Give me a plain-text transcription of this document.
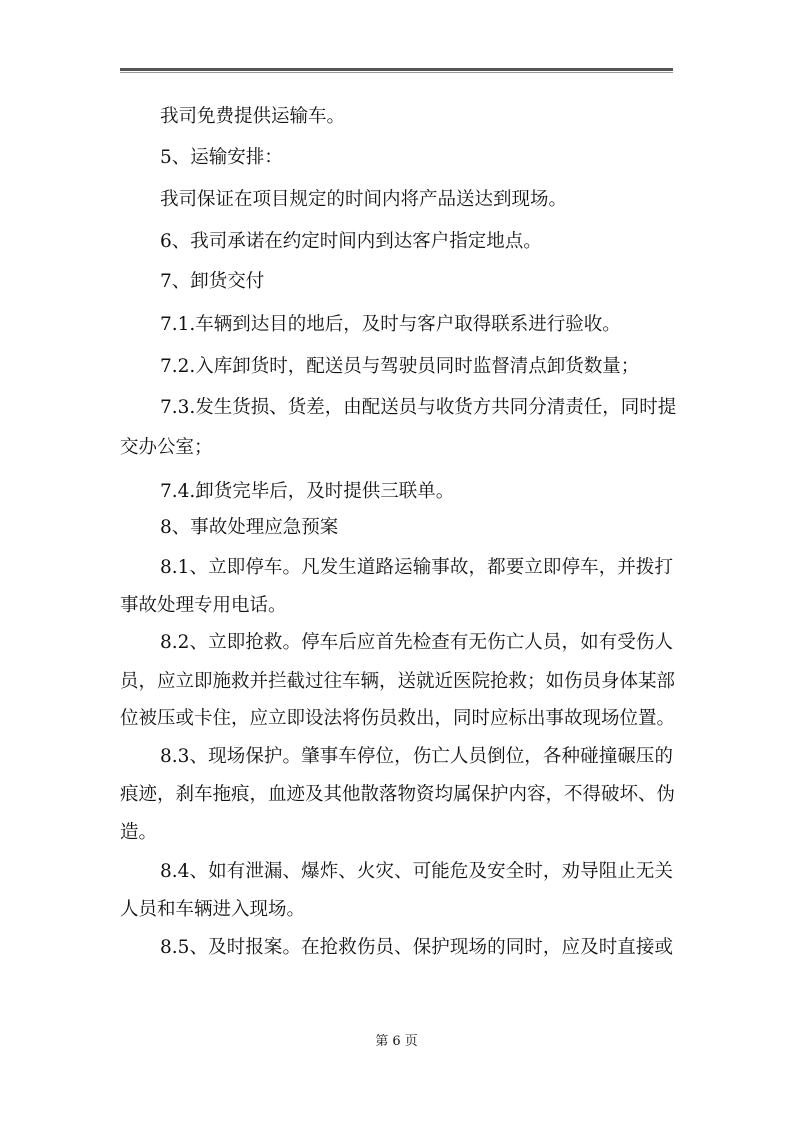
我司免费提供运输车。
5、运输安排：
我司保证在项目规定的时间内将产品送达到现场。
6、我司承诺在约定时间内到达客户指定地点。
7、卸货交付
7.1.车辆到达目的地后，及时与客户取得联系进行验收。
7.2.入库卸货时，配送员与驾驶员同时监督清点卸货数量；
7.3.发生货损、货差，由配送员与收货方共同分清责任，同时提
交办公室；
7.4.卸货完毕后，及时提供三联单。
8、事故处理应急预案
8.1、立即停车。凡发生道路运输事故，都要立即停车，并拨打
事故处理专用电话。
8.2、立即抢救。停车后应首先检查有无伤亡人员，如有受伤人
员，应立即施救并拦截过往车辆，送就近医院抢救；如伤员身体某部
位被压或卡住，应立即设法将伤员救出，同时应标出事故现场位置。
8.3、现场保护。肇事车停位，伤亡人员倒位，各种碰撞碾压的
痕迹，刹车拖痕，血迹及其他散落物资均属保护内容，不得破坏、伪
造。
8.4、如有泄漏、爆炸、火灾、可能危及安全时，劝导阻止无关
人员和车辆进入现场。
8.5、及时报案。在抢救伤员、保护现场的同时，应及时直接或
第 6 页
